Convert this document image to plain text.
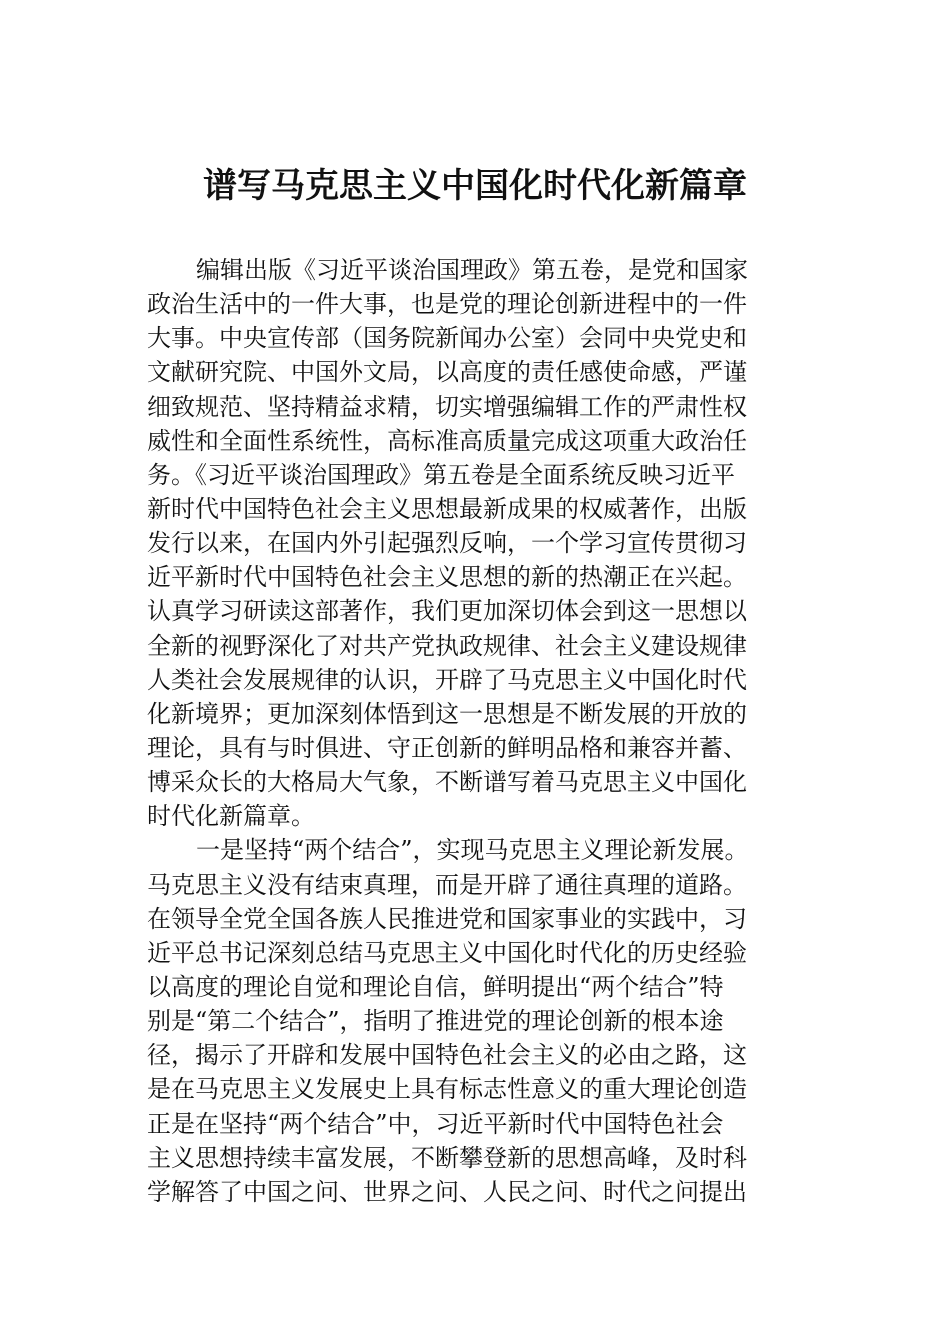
谱写马克思主义中国化时代化新篇章
编辑出版《习近平谈治国理政》第五卷，是党和国家
政治生活中的一件大事，也是党的理论创新进程中的一件
大事。中央宣传部（国务院新闻办公室）会同中央党史和
文献研究院、中国外文局，以高度的责任感使命感，严谨
细致规范、坚持精益求精，切实增强编辑工作的严肃性权
威性和全面性系统性，高标准高质量完成这项重大政治任
务。《习近平谈治国理政》第五卷是全面系统反映习近平
新时代中国特色社会主义思想最新成果的权威著作，出版
发行以来，在国内外引起强烈反响，一个学习宣传贯彻习
近平新时代中国特色社会主义思想的新的热潮正在兴起。
认真学习研读这部著作，我们更加深切体会到这一思想以
全新的视野深化了对共产党执政规律、社会主义建设规律
人类社会发展规律的认识，开辟了马克思主义中国化时代
化新境界；更加深刻体悟到这一思想是不断发展的开放的
理论，具有与时俱进、守正创新的鲜明品格和兼容并蓄、
博采众长的大格局大气象，不断谱写着马克思主义中国化
时代化新篇章。
一是坚持“两个结合”，实现马克思主义理论新发展。
马克思主义没有结束真理，而是开辟了通往真理的道路。
在领导全党全国各族人民推进党和国家事业的实践中，习
近平总书记深刻总结马克思主义中国化时代化的历史经验
以高度的理论自觉和理论自信，鲜明提出“两个结合”特
别是“第二个结合”，指明了推进党的理论创新的根本途
径，揭示了开辟和发展中国特色社会主义的必由之路，这
是在马克思主义发展史上具有标志性意义的重大理论创造
正是在坚持“两个结合”中，习近平新时代中国特色社会
主义思想持续丰富发展，不断攀登新的思想高峰，及时科
学解答了中国之问、世界之问、人民之问、时代之问提出
